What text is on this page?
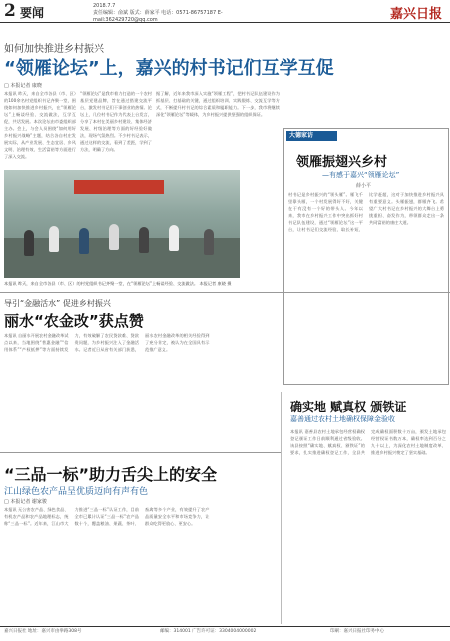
2 要闻	2018.7.7
责任编辑：俞斌 版式：薛家平 电话：0571-86757187 E-mail:362429720@qq.com	嘉兴日报
如何加快推进乡村振兴
“领雁论坛”上，嘉兴的村书记们互学互促
□ 本报记者 康晓
本报讯 昨天，来自全市各县（市、区）的100余名村党组织书记齐聚一堂，围绕如何加快推进乡村振兴，在“领雁论坛”上畅谈经验、交流做法，互学互促，共话发展。本次论坛由市委组织部主办。会上，与会人员围绕“如何用好乡村振兴战略”主题，结合各自村庄发展实际，从产业发展、生态宜居、乡风文明、治理有效、生活富裕等方面进行了深入交流。
“领雁论坛”是我市着力打造的一个农村基层党建品牌，旨在通过搭建交流平台，激发村书记们干事创业的热情。论坛上，几位村书记作为代表上台发言，分享了本村在美丽乡村建设、集体经济发展、村级治理等方面的好经验好做法，现场气氛热烈。不少村书记表示，通过这样的交流，看到了差距，学到了方法，明确了方向。
据了解，近年来我市深入实施“领雁工程”，把村书记队伍建设作为抓基层、打基础的关键，通过组织培训、实践锻炼、交流互学等方式，不断提升村书记的综合素质和履职能力。下一步，我市将继续深化“领雁论坛”等载体，为乡村振兴提供坚强的组织保证。
本报讯 昨天，来自全市各县（市、区）的村党组织书记齐聚一堂，在“领雁论坛”上畅谈经验、交流做法。 本报记者 康晓 摄
大德家访
领雁振翅兴乡村
—有感于嘉兴“领雁论坛”
薛小平
村书记是乡村振兴的“领头雁”。雁飞千里靠头雁，一个村发展得好不好，关键在于有没有一个好的带头人。今年以来，我市在乡村振兴工作中突出抓好村书记队伍建设，通过“领雁论坛”这一平台，让村书记们交流经验、取长补短、比学赶超，这对于加快推进乡村振兴具有重要意义。头雁振翅，群雁齐飞。希望广大村书记在乡村振兴的大舞台上勇挑重担、奋发作为，带领群众走出一条共同富裕的康庄大道。
导引“金融活水” 促进乡村振兴
丽水“农金改”获点赞
本报讯 自丽水开展农村金融改革试点以来，当地围绕“普惠金融”“信用体系”“产权抵押”等方面持续发力，有效破解了农民贷款难、贷款贵问题，为乡村振兴注入了金融活水。记者近日从省有关部门获悉，丽水农村金融改革的相关经验得到了充分肯定，被认为在全国具有示范推广意义。
“三品一标”助力舌尖上的安全
江山绿色农产品呈优质迈向有声有色
□ 本报记者 谢家骏
本报讯 无公害农产品、绿色食品、有机农产品和农产品地理标志，统称“三品一标”。近年来，江山市大力推进“三品一标”认证工作，目前全市已累计认证“三品一标”农产品数十个，覆盖粮油、果蔬、茶叶、畜禽等多个产业，有效提升了农产品质量安全水平和市场竞争力，让群众吃得更放心、更安心。
确实地 赋真权 颁铁证
嘉善通过农村土地确权保障金验收
本报讯 嘉善县农村土地承包经营权确权登记颁证工作日前顺利通过省级验收。该县按照“确实地、赋真权、颁铁证”的要求，扎实推进确权登记工作，全县共完成确权面积数十万亩，颁发土地承包经营权证书数万本，确权率达到百分之九十以上，为深化农村土地制度改革、推进乡村振兴奠定了坚实基础。
嘉兴日报社 地址：嘉兴市由拳路308号	邮编：314001 广告许可证：3304004000002	印刷：嘉兴日报社印务中心
